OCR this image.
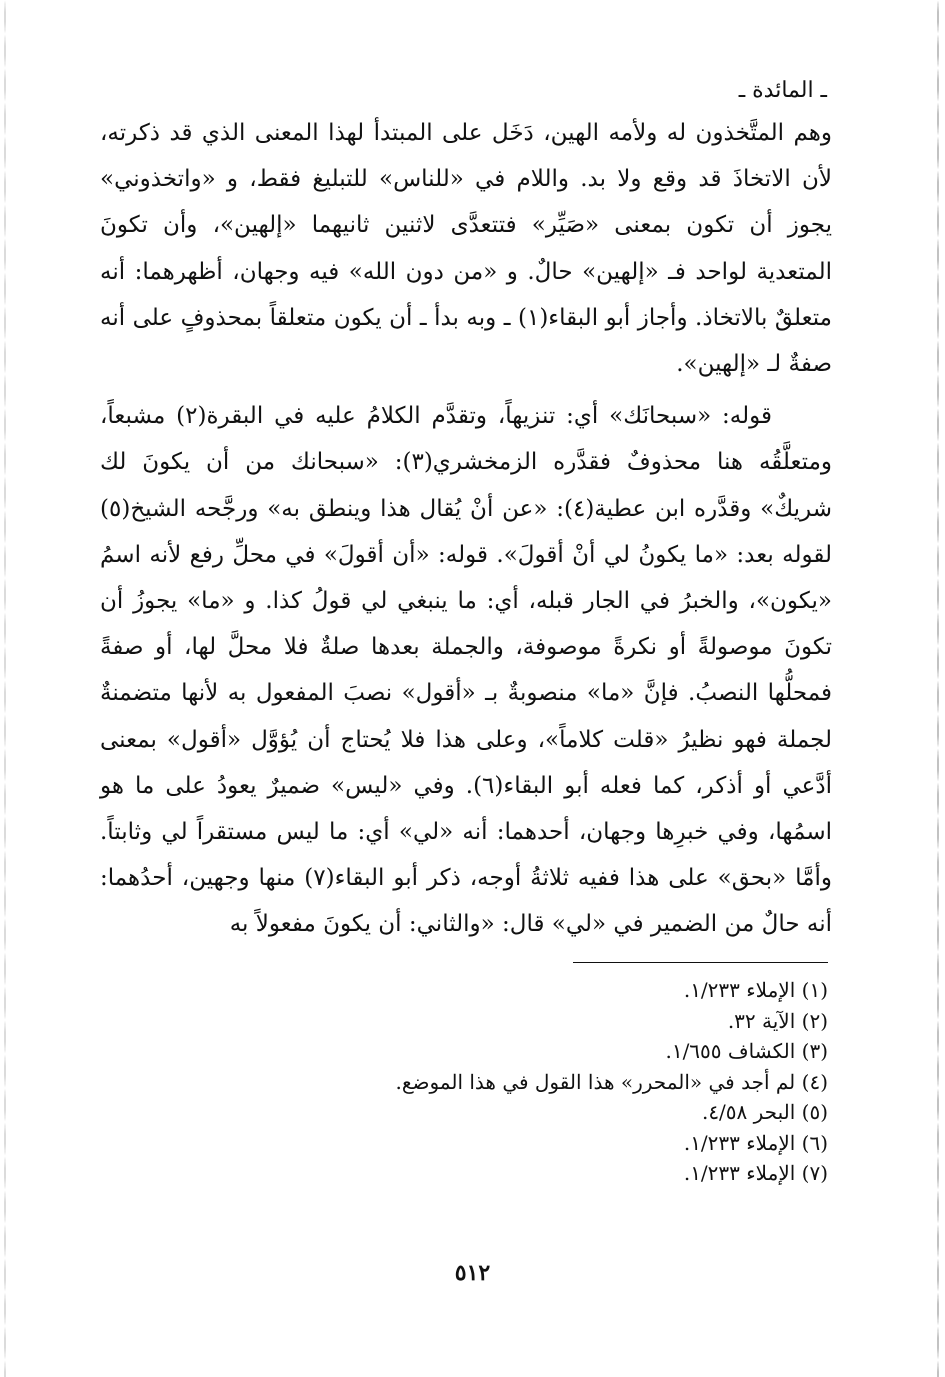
ـ المائدة ـ

وهم المتَّخذون له ولأمه الهين، دَخَل على المبتدأ لهذا المعنى الذي قد ذكرته، لأن الاتخاذَ قد وقع ولا بد. واللام في «للناس» للتبليغ فقط، و «واتخذوني» يجوز أن تكون بمعنى «صَيِّر» فتتعدَّى لاثنين ثانيهما «إلهين»، وأن تكونَ المتعدية لواحد فـ «إلهين» حالٌ. و «من دون الله» فيه وجهان، أظهرهما: أنه متعلقٌ بالاتخاذ. وأجاز أبو البقاء(١) ـ وبه بدأ ـ أن يكون متعلقاً بمحذوفٍ على أنه صفةٌ لـ «إلهين».

قوله: «سبحانَك» أي: تنزيهاً، وتقدَّم الكلامُ عليه في البقرة(٢) مشبعاً، ومتعلَّقُه هنا محذوفٌ فقدَّره الزمخشري(٣): «سبحانك من أن يكونَ لك شريكٌ» وقدَّره ابن عطية(٤): «عن أنْ يُقال هذا وينطق به» ورجَّحه الشيخ(٥) لقوله بعد: «ما يكونُ لي أنْ أقولَ». قوله: «أن أقولَ» في محلِّ رفع لأنه اسمُ «يكون»، والخبرُ في الجار قبله، أي: ما ينبغي لي قولُ كذا. و «ما» يجوزُ أن تكونَ موصولةً أو نكرةً موصوفة، والجملة بعدها صلةٌ فلا محلَّ لها، أو صفةً فمحلُّها النصبُ. فإنَّ «ما» منصوبةٌ بـ «أقول» نصبَ المفعول به لأنها متضمنةٌ لجملة فهو نظيرُ «قلت كلاماً»، وعلى هذا فلا يُحتاج أن يُؤوَّل «أقول» بمعنى أدَّعي أو أذكر، كما فعله أبو البقاء(٦). وفي «ليس» ضميرٌ يعودُ على ما هو اسمُها، وفي خبرِها وجهان، أحدهما: أنه «لي» أي: ما ليس مستقراً لي وثابتاً. وأمَّا «بحق» على هذا ففيه ثلاثةُ أوجه، ذكر أبو البقاء(٧) منها وجهين، أحدُهما: أنه حالٌ من الضمير في «لي» قال: «والثاني: أن يكونَ مفعولاً به

(١) الإملاء ١/٢٣٣.
(٢) الآية ٣٢.
(٣) الكشاف ١/٦٥٥.
(٤) لم أجد في «المحرر» هذا القول في هذا الموضع.
(٥) البحر ٤/٥٨.
(٦) الإملاء ١/٢٣٣.
(٧) الإملاء ١/٢٣٣.
٥١٢
